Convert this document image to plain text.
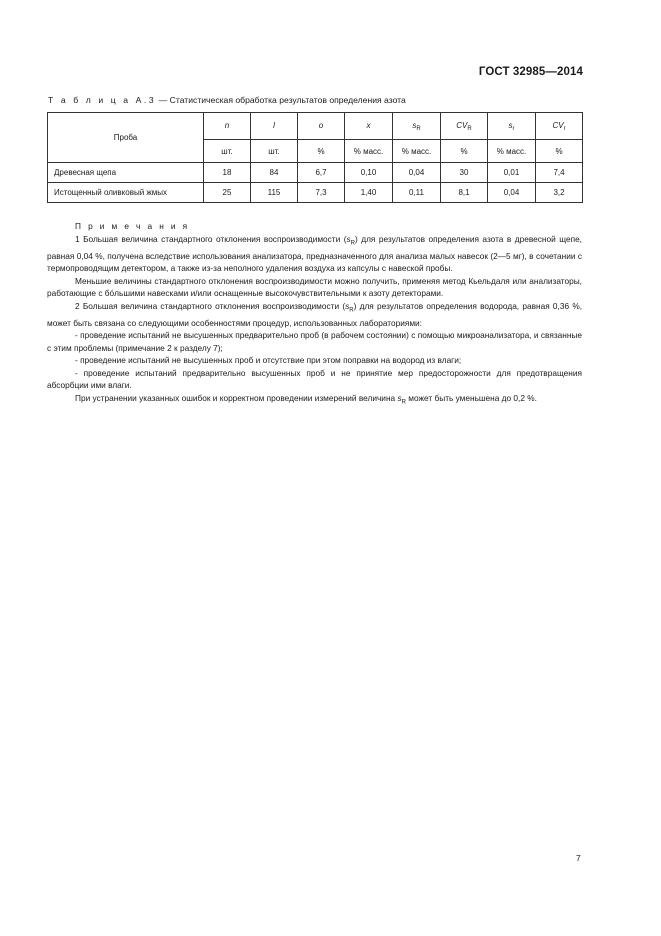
ГОСТ 32985—2014
Т а б л и ц а А.3 — Статистическая обработка результатов определения азота
Проба	n	l	o	x	$s_R$	$CV_R$	$s_r$	$CV_r$
	шт.	шт.	%	% масс.	% масс.	%	% масс.	%
Древесная щепа	18	84	6,7	0,10	0,04	30	0,01	7,4
Истощенный оливковый жмых	25	115	7,3	1,40	0,11	8,1	0,04	3,2

П р и м е ч а н и я

1 Большая величина стандартного отклонения воспроизводимости $(s_R)$ для результатов определения азота в древесной щепе, равная 0,04 %, получена вследствие использования анализатора, предназначенного для анализа малых навесок (2—5 мг), в сочетании с термопроводящим детектором, а также из-за неполного удаления воздуха из капсулы с навеской пробы.

Меньшие величины стандартного отклонения воспроизводимости можно получить, применяя метод Кьельдаля или анализаторы, работающие с бо́льшими навесками и/или оснащенные высокочувствительными к азоту детекторами.

2 Большая величина стандартного отклонения воспроизводимости $(s_R)$ для результатов определения водорода, равная 0,36 %, может быть связана со следующими особенностями процедур, использованных лабораториями:

- проведение испытаний не высушенных предварительно проб (в рабочем состоянии) с помощью микроанализатора, и связанные с этим проблемы (примечание 2 к разделу 7);

- проведение испытаний не высушенных проб и отсутствие при этом поправки на водород из влаги;

- проведение испытаний предварительно высушенных проб и не принятие мер предосторожности для предотвращения абсорбции ими влаги.

При устранении указанных ошибок и корректном проведении измерений величина $s_R$ может быть уменьшена до 0,2 %.

7
